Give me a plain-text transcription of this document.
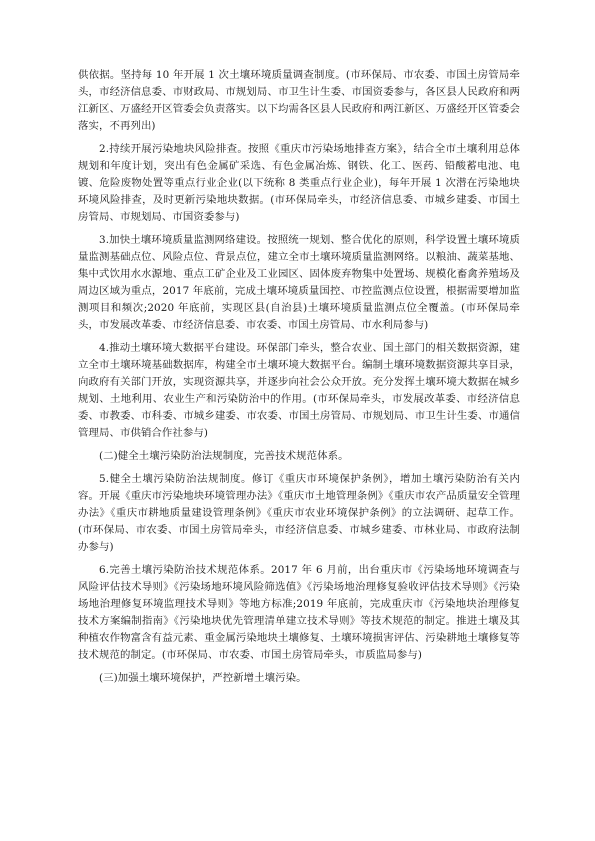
供依据。坚持每 10 年开展 1 次土壤环境质量调查制度。(市环保局、市农委、市国土房管局牵头，市经济信息委、市财政局、市规划局、市卫生计生委、市国资委参与，各区县人民政府和两江新区、万盛经开区管委会负责落实。以下均需各区县人民政府和两江新区、万盛经开区管委会落实，不再列出)

2.持续开展污染地块风险排查。按照《重庆市污染场地排查方案》，结合全市土壤利用总体规划和年度计划，突出有色金属矿采选、有色金属冶炼、钢铁、化工、医药、铅酸蓄电池、电镀、危险废物处置等重点行业企业(以下统称 8 类重点行业企业)，每年开展 1 次潜在污染地块环境风险排查，及时更新污染地块数据。(市环保局牵头，市经济信息委、市城乡建委、市国土房管局、市规划局、市国资委参与)

3.加快土壤环境质量监测网络建设。按照统一规划、整合优化的原则，科学设置土壤环境质量监测基础点位、风险点位、背景点位，建立全市土壤环境质量监测网络。以粮油、蔬菜基地、集中式饮用水水源地、重点工矿企业及工业园区、固体废弃物集中处置场、规模化畜禽养殖场及周边区域为重点，2017 年底前，完成土壤环境质量国控、市控监测点位设置，根据需要增加监测项目和频次;2020 年底前，实现区县(自治县)土壤环境质量监测点位全覆盖。(市环保局牵头，市发展改革委、市经济信息委、市农委、市国土房管局、市水利局参与)

4.推动土壤环境大数据平台建设。环保部门牵头，整合农业、国土部门的相关数据资源，建立全市土壤环境基础数据库，构建全市土壤环境大数据平台。编制土壤环境数据资源共享目录，向政府有关部门开放，实现资源共享，并逐步向社会公众开放。充分发挥土壤环境大数据在城乡规划、土地利用、农业生产和污染防治中的作用。(市环保局牵头，市发展改革委、市经济信息委、市教委、市科委、市城乡建委、市农委、市国土房管局、市规划局、市卫生计生委、市通信管理局、市供销合作社参与)

(二)健全土壤污染防治法规制度，完善技术规范体系。

5.健全土壤污染防治法规制度。修订《重庆市环境保护条例》，增加土壤污染防治有关内容。开展《重庆市污染地块环境管理办法》《重庆市土地管理条例》《重庆市农产品质量安全管理办法》《重庆市耕地质量建设管理条例》《重庆市农业环境保护条例》的立法调研、起草工作。(市环保局、市农委、市国土房管局牵头，市经济信息委、市城乡建委、市林业局、市政府法制办参与)

6.完善土壤污染防治技术规范体系。2017 年 6 月前，出台重庆市《污染场地环境调查与风险评估技术导则》《污染场地环境风险筛选值》《污染场地治理修复验收评估技术导则》《污染场地治理修复环境监理技术导则》等地方标准;2019 年底前，完成重庆市《污染地块治理修复技术方案编制指南》《污染地块优先管理清单建立技术导则》等技术规范的制定。推进土壤及其种植农作物富含有益元素、重金属污染地块土壤修复、土壤环境损害评估、污染耕地土壤修复等技术规范的制定。(市环保局、市农委、市国土房管局牵头，市质监局参与)

(三)加强土壤环境保护，严控新增土壤污染。
